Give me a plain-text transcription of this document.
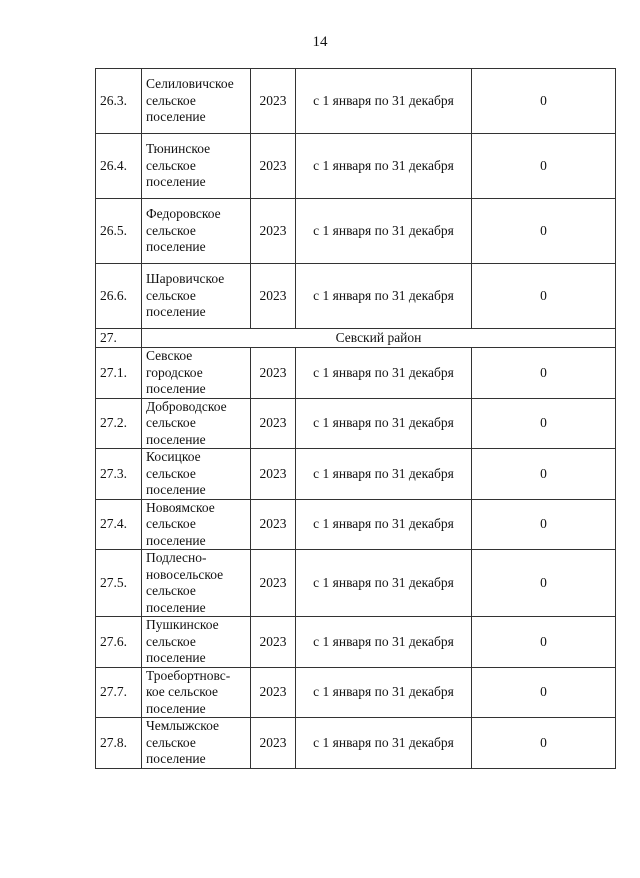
14
26.3.	Селиловичское сельское поселение	2023	с 1 января по 31 декабря	0
26.4.	Тюнинское сельское поселение	2023	с 1 января по 31 декабря	0
26.5.	Федоровское сельское поселение	2023	с 1 января по 31 декабря	0
26.6.	Шаровичское сельское поселение	2023	с 1 января по 31 декабря	0
27.	Севский район			
27.1.	Севское городское поселение	2023	с 1 января по 31 декабря	0
27.2.	Доброводское сельское поселение	2023	с 1 января по 31 декабря	0
27.3.	Косицкое сельское поселение	2023	с 1 января по 31 декабря	0
27.4.	Новоямское сельское поселение	2023	с 1 января по 31 декабря	0
27.5.	Подлесно-новосельское сельское поселение	2023	с 1 января по 31 декабря	0
27.6.	Пушкинское сельское поселение	2023	с 1 января по 31 декабря	0
27.7.	Троебортновс-кое сельское поселение	2023	с 1 января по 31 декабря	0
27.8.	Чемлыжское сельское поселение	2023	с 1 января по 31 декабря	0
